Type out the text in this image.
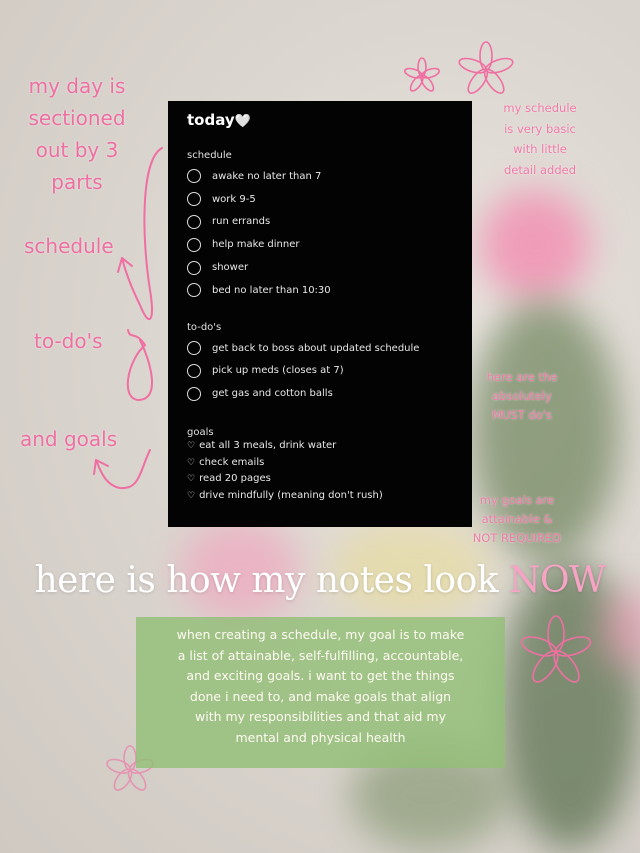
my day is
sectioned
out by 3
parts
schedule
to-do's
and goals
my schedule
is very basic
with little
detail added
here are the
absolutely
MUST do's
my goals are
attainable &
NOT REQUIRED
today🤍
schedule
awake no later than 7
work 9-5
run errands
help make dinner
shower
bed no later than 10:30
to-do's
get back to boss about updated schedule
pick up meds (closes at 7)
get gas and cotton balls
goals
♡ eat all 3 meals, drink water
♡ check emails
♡ read 20 pages
♡ drive mindfully (meaning don't rush)
here is how my notes look NOW
when creating a schedule, my goal is to make
a list of attainable, self-fulfilling, accountable,
and exciting goals. i want to get the things
done i need to, and make goals that align
with my responsibilities and that aid my
mental and physical health
